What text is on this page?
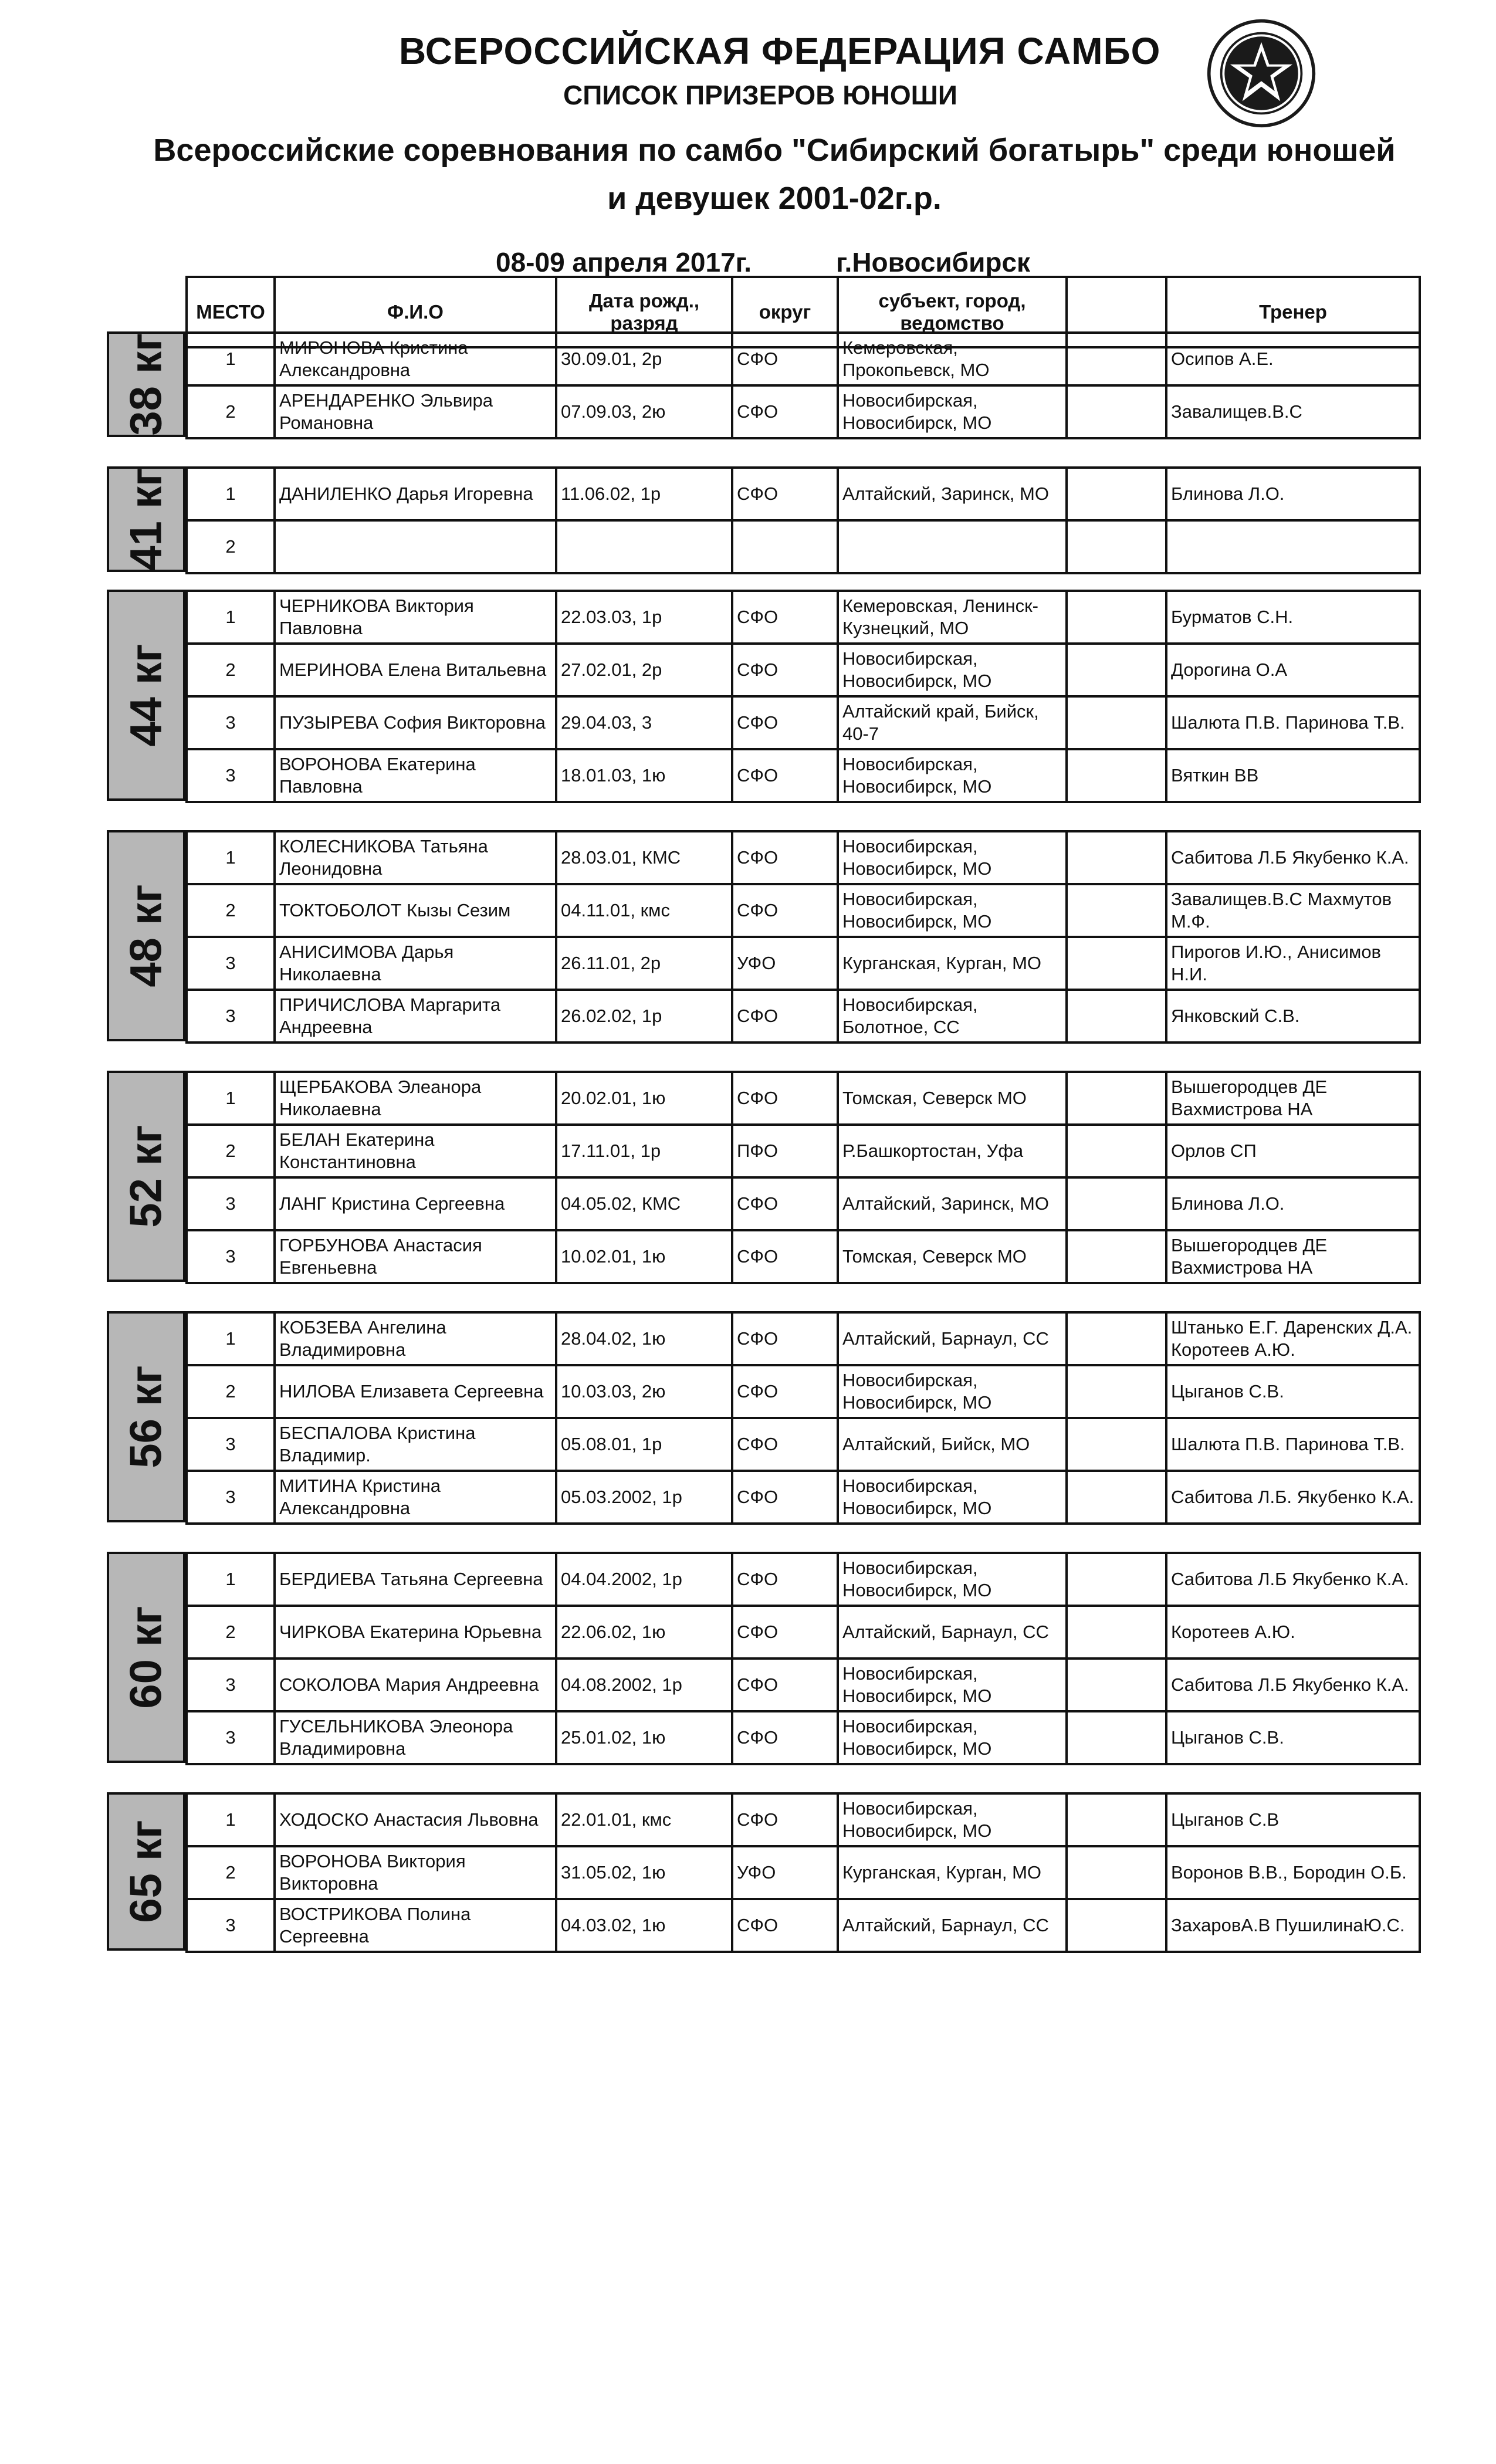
ВСЕРОССИЙСКАЯ ФЕДЕРАЦИЯ САМБО
СПИСОК ПРИЗЕРОВ ЮНОШИ
Всероссийские соревнования по самбо "Сибирский богатырь" среди юношей и девушек 2001-02г.р.
08-09 апреля 2017г.	г.Новосибирск
МЕСТО	Ф.И.О	Дата рожд., разряд	округ	субъект, город, ведомство		Тренер
38 кг	1	МИРОНОВА Кристина Александровна	30.09.01, 2р	СФО	Кемеровская, Прокопьевск, МО		Осипов А.Е.
2	АРЕНДАРЕНКО Эльвира Романовна	07.09.03, 2ю	СФО	Новосибирская, Новосибирск, МО		Завалищев.В.С
41 кг	1	ДАНИЛЕНКО Дарья Игоревна	11.06.02, 1р	СФО	Алтайский, Заринск, МО		Блинова Л.О.
2						
44 кг
1	ЧЕРНИКОВА Виктория Павловна	22.03.03, 1р	СФО	Кемеровская, Ленинск-Кузнецкий, МО		Бурматов С.Н.
2	МЕРИНОВА Елена Витальевна	27.02.01, 2р	СФО	Новосибирская, Новосибирск, МО		Дорогина О.А
3	ПУЗЫРЕВА София Викторовна	29.04.03, 3	СФО	Алтайский край, Бийск, 40-7		Шалюта П.В. Паринова Т.В.
3	ВОРОНОВА Екатерина Павловна	18.01.03, 1ю	СФО	Новосибирская, Новосибирск, МО		Вяткин ВВ
48 кг
1	КОЛЕСНИКОВА Татьяна Леонидовна	28.03.01, КМС	СФО	Новосибирская, Новосибирск, МО		Сабитова Л.Б Якубенко К.А.
2	ТОКТОБОЛОТ Кызы Сезим	04.11.01, кмс	СФО	Новосибирская, Новосибирск, МО		Завалищев.В.С Махмутов М.Ф.
3	АНИСИМОВА Дарья Николаевна	26.11.01, 2р	УФО	Курганская, Курган, МО		Пирогов И.Ю., Анисимов Н.И.
3	ПРИЧИСЛОВА Маргарита Андреевна	26.02.02, 1р	СФО	Новосибирская, Болотное, СС		Янковский С.В.
52 кг
1	ЩЕРБАКОВА Элеанора Николаевна	20.02.01, 1ю	СФО	Томская, Северск МО		Вышегородцев ДЕ Вахмистрова НА
2	БЕЛАН Екатерина Константиновна	17.11.01, 1р	ПФО	Р.Башкортостан, Уфа		Орлов СП
3	ЛАНГ Кристина Сергеевна	04.05.02, КМС	СФО	Алтайский, Заринск, МО		Блинова Л.О.
3	ГОРБУНОВА Анастасия Евгеньевна	10.02.01, 1ю	СФО	Томская, Северск МО		Вышегородцев ДЕ Вахмистрова НА
56 кг
1	КОБЗЕВА Ангелина Владимировна	28.04.02, 1ю	СФО	Алтайский, Барнаул, СС		Штанько Е.Г. Даренских Д.А. Коротеев А.Ю.
2	НИЛОВА Елизавета Сергеевна	10.03.03, 2ю	СФО	Новосибирская, Новосибирск, МО		Цыганов С.В.
3	БЕСПАЛОВА Кристина Владимир.	05.08.01, 1р	СФО	Алтайский, Бийск, МО		Шалюта П.В. Паринова Т.В.
3	МИТИНА Кристина Александровна	05.03.2002, 1р	СФО	Новосибирская, Новосибирск, МО		Сабитова Л.Б. Якубенко К.А.
60 кг
1	БЕРДИЕВА Татьяна Сергеевна	04.04.2002, 1р	СФО	Новосибирская, Новосибирск, МО		Сабитова Л.Б Якубенко К.А.
2	ЧИРКОВА Екатерина Юрьевна	22.06.02, 1ю	СФО	Алтайский, Барнаул, СС		Коротеев А.Ю.
3	СОКОЛОВА Мария Андреевна	04.08.2002, 1р	СФО	Новосибирская, Новосибирск, МО		Сабитова Л.Б Якубенко К.А.
3	ГУСЕЛЬНИКОВА Элеонора Владимировна	25.01.02, 1ю	СФО	Новосибирская, Новосибирск, МО		Цыганов С.В.
65 кг
1	ХОДОСКО Анастасия Львовна	22.01.01, кмс	СФО	Новосибирская, Новосибирск, МО		Цыганов С.В
2	ВОРОНОВА Виктория Викторовна	31.05.02, 1ю	УФО	Курганская, Курган, МО		Воронов В.В., Бородин О.Б.
3	ВОСТРИКОВА Полина Сергеевна	04.03.02, 1ю	СФО	Алтайский, Барнаул, СС		ЗахаровА.В ПушилинаЮ.С.
